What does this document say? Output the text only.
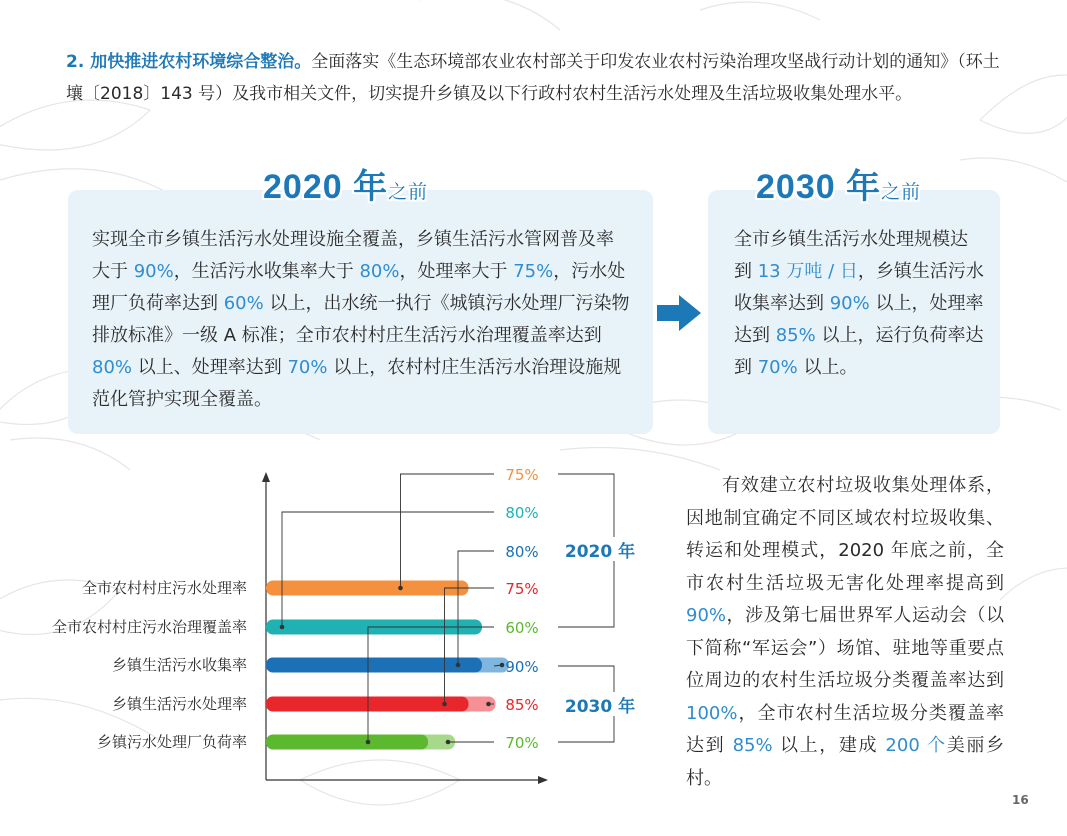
2. 加快推进农村环境综合整治。全面落实《生态环境部农业农村部关于印发农业农村污染治理攻坚战行动计划的通知》（环土壤〔2018〕143 号）及我市相关文件，切实提升乡镇及以下行政村农村生活污水处理及生活垃圾收集处理水平。
实现全市乡镇生活污水处理设施全覆盖，乡镇生活污水管网普及率大于 90%，生活污水收集率大于 80%，处理率大于 75%，污水处理厂负荷率达到 60% 以上，出水统一执行《城镇污水处理厂污染物排放标准》一级 A 标准；全市农村村庄生活污水治理覆盖率达到 80% 以上、处理率达到 70% 以上，农村村庄生活污水治理设施规范化管护实现全覆盖。
2020 年之前
全市乡镇生活污水处理规模达到 13 万吨 / 日，乡镇生活污水收集率达到 90% 以上，处理率达到 85% 以上，运行负荷率达到 70% 以上。
2030 年之前
全市农村村庄污水处理率
全市农村村庄污水治理覆盖率
乡镇生活污水收集率
乡镇生活污水处理率
乡镇污水处理厂负荷率
75%
80%
80%
75%
60%
90%
85%
70%
2020 年
2030 年
有效建立农村垃圾收集处理体系，因地制宜确定不同区域农村垃圾收集、转运和处理模式，2020 年底之前，全市农村生活垃圾无害化处理率提高到 90%，涉及第七届世界军人运动会（以下简称“军运会”）场馆、驻地等重要点位周边的农村生活垃圾分类覆盖率达到 100%，全市农村生活垃圾分类覆盖率达到 85% 以上，建成 200 个美丽乡村。
16
